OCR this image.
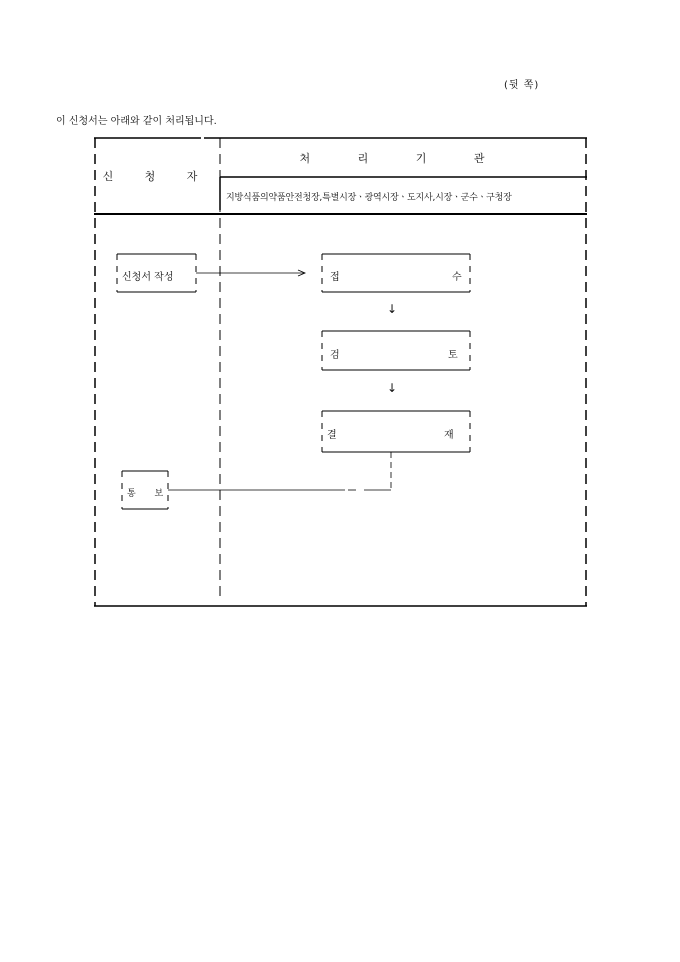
(뒷 쪽)
이 신청서는 아래와 같이 처리됩니다.
신 청 자
처 리 기 관
지방식품의약품안전청장,특별시장ㆍ광역시장ㆍ도지사,시장ㆍ군수ㆍ구청장
신청서 작성	접	수
↓
검	토
↓
결	재
통 보
